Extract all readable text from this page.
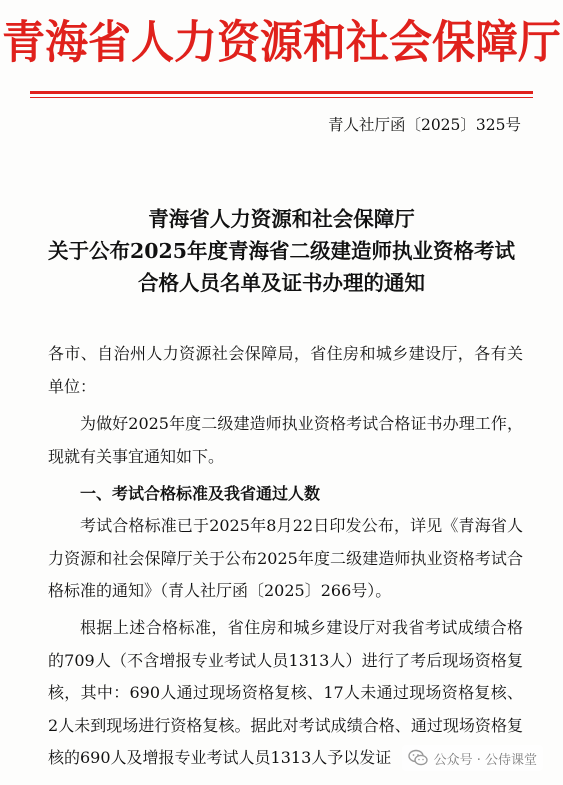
青海省人力资源和社会保障厅
青人社厅函〔2025〕325号
青海省人力资源和社会保障厅
关于公布2025年度青海省二级建造师执业资格考试
合格人员名单及证书办理的通知
各市、自治州人力资源社会保障局，省住房和城乡建设厅，各有关单位：
为做好2025年度二级建造师执业资格考试合格证书办理工作，现就有关事宜通知如下。
一、考试合格标准及我省通过人数
考试合格标准已于2025年8月22日印发公布，详见《青海省人力资源和社会保障厅关于公布2025年度二级建造师执业资格考试合格标准的通知》（青人社厅函〔2025〕266号）。
根据上述合格标准，省住房和城乡建设厅对我省考试成绩合格的709人（不含增报专业考试人员1313人）进行了考后现场资格复核，其中：690人通过现场资格复核、17人未通过现场资格复核、2人未到现场进行资格复核。据此对考试成绩合格、通过现场资格复核的690人及增报专业考试人员1313人予以发证	公众号 · 公侍课堂
